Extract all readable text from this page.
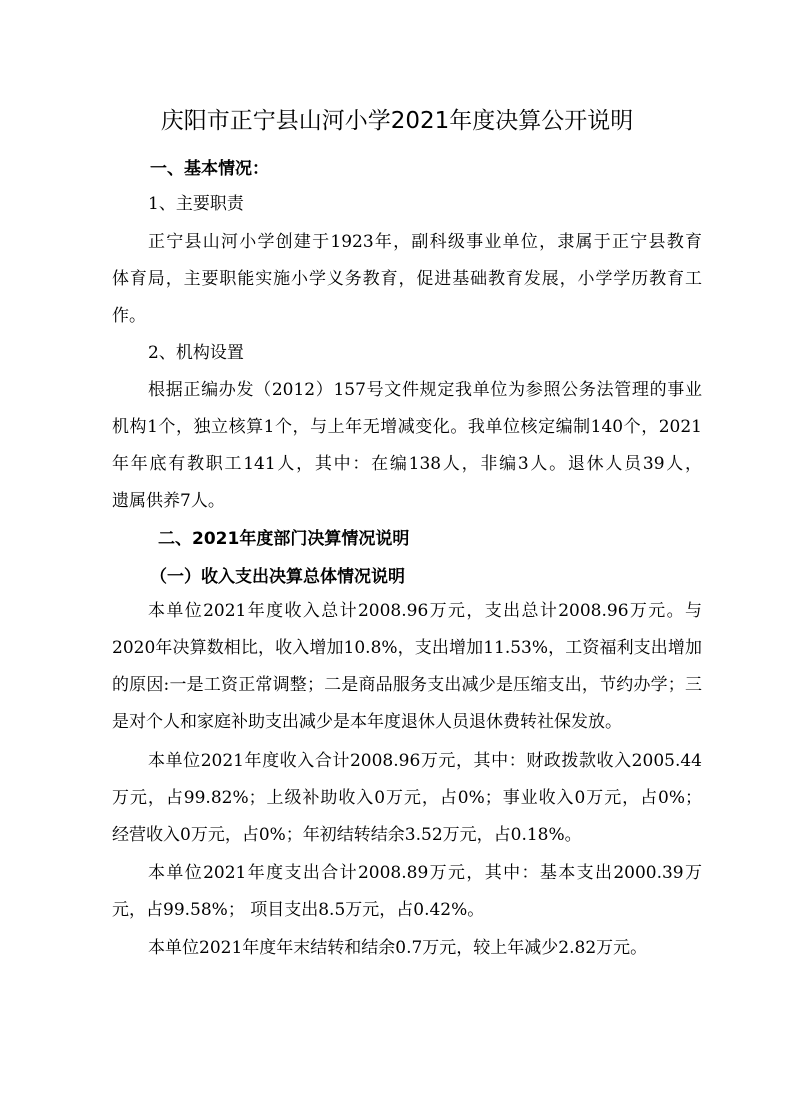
庆阳市正宁县山河小学2021年度决算公开说明
一、基本情况：
1、主要职责
正宁县山河小学创建于1923年，副科级事业单位，隶属于正宁县教育
体育局，主要职能实施小学义务教育，促进基础教育发展，小学学历教育工
作。
2、机构设置
根据正编办发（2012）157号文件规定我单位为参照公务法管理的事业
机构1个，独立核算1个，与上年无增减变化。我单位核定编制140个，2021
年年底有教职工141人，其中：在编138人，非编3人。退休人员39人，
遗属供养7人。
二、2021年度部门决算情况说明
（一）收入支出决算总体情况说明
本单位2021年度收入总计2008.96万元，支出总计2008.96万元。与
2020年决算数相比，收入增加10.8%，支出增加11.53%，工资福利支出增加
的原因:一是工资正常调整；二是商品服务支出减少是压缩支出，节约办学；三
是对个人和家庭补助支出减少是本年度退休人员退休费转社保发放。
本单位2021年度收入合计2008.96万元，其中：财政拨款收入2005.44
万元，占99.82%；上级补助收入0万元，占0%；事业收入0万元，占0%；
经营收入0万元，占0%；年初结转结余3.52万元，占0.18%。
本单位2021年度支出合计2008.89万元，其中：基本支出2000.39万
元，占99.58%； 项目支出8.5万元，占0.42%。
本单位2021年度年末结转和结余0.7万元，较上年减少2.82万元。
